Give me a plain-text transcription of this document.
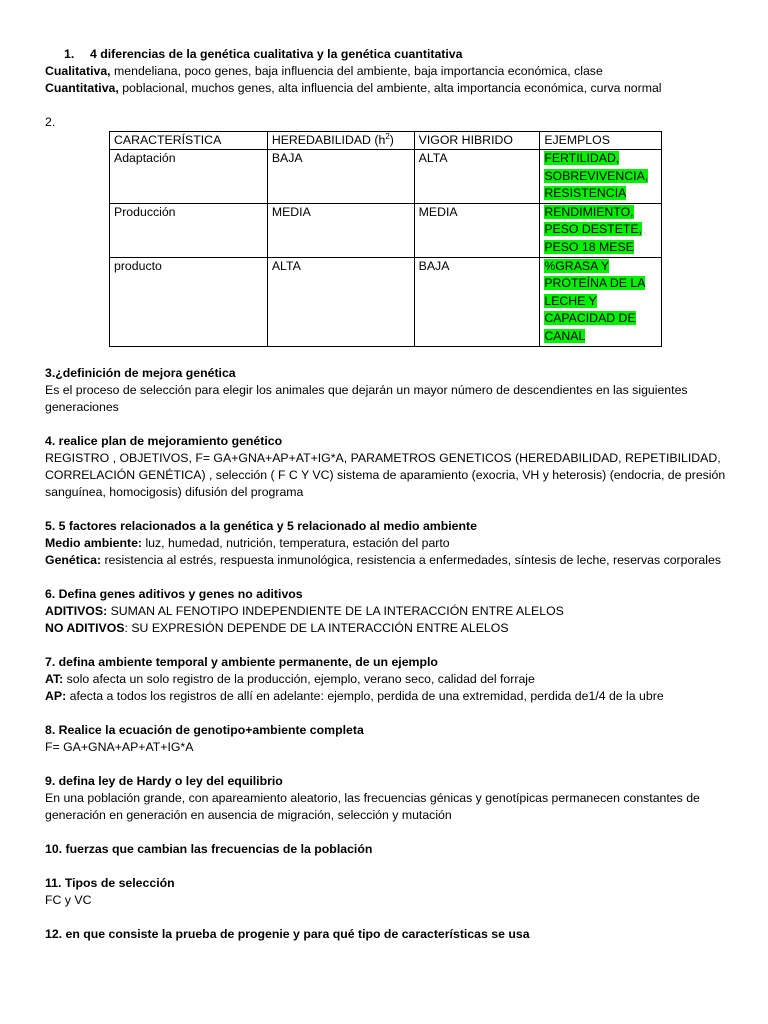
1. 4 diferencias de la genética cualitativa y la genética cuantitativa
Cualitativa, mendeliana, poco genes, baja influencia del ambiente, baja importancia económica, clase
Cuantitativa, poblacional, muchos genes, alta influencia del ambiente, alta importancia económica, curva normal
2.
CARACTERÍSTICA	HEREDABILIDAD $(h^2)$	VIGOR HIBRIDO	EJEMPLOS
Adaptación	BAJA	ALTA	FERTILIDAD,
SOBREVIVENCIA,
RESISTENCIA
Producción	MEDIA	MEDIA	RENDIMIENTO,
PESO DESTETE,
PESO 18 MESE
producto	ALTA	BAJA	%GRASA Y
PROTEÍNA DE LA
LECHE Y
CAPACIDAD DE
CANAL
3.¿definición de mejora genética
Es el proceso de selección para elegir los animales que dejarán un mayor número de descendientes en las siguientes generaciones
4. realice plan de mejoramiento genético
REGISTRO , OBJETIVOS, F= GA+GNA+AP+AT+IG*A, PARAMETROS GENETICOS (HEREDABILIDAD, REPETIBILIDAD, CORRELACIÓN GENÉTICA) , selección ( F C Y VC) sistema de aparamiento (exocria, VH y heterosis) (endocria, de presión sanguínea, homocigosis) difusión del programa
5. 5 factores relacionados a la genética y 5 relacionado al medio ambiente
Medio ambiente: luz, humedad, nutrición, temperatura, estación del parto
Genética: resistencia al estrés, respuesta inmunológica, resistencia a enfermedades, síntesis de leche, reservas corporales
6. Defina genes aditivos y genes no aditivos
ADITIVOS: SUMAN AL FENOTIPO INDEPENDIENTE DE LA INTERACCIÓN ENTRE ALELOS
NO ADITIVOS: SU EXPRESIÓN DEPENDE DE LA INTERACCIÓN ENTRE ALELOS
7. defina ambiente temporal y ambiente permanente, de un ejemplo
AT: solo afecta un solo registro de la producción, ejemplo, verano seco, calidad del forraje
AP: afecta a todos los registros de allí en adelante: ejemplo, perdida de una extremidad, perdida de1/4 de la ubre
8. Realice la ecuación de genotipo+ambiente completa
F= GA+GNA+AP+AT+IG*A
9. defina ley de Hardy o ley del equilibrio
En una población grande, con apareamiento aleatorio, las frecuencias génicas y genotípicas permanecen constantes de generación en generación en ausencia de migración, selección y mutación
10. fuerzas que cambian las frecuencias de la población
11. Tipos de selección
FC y VC
12. en que consiste la prueba de progenie y para qué tipo de características se usa
